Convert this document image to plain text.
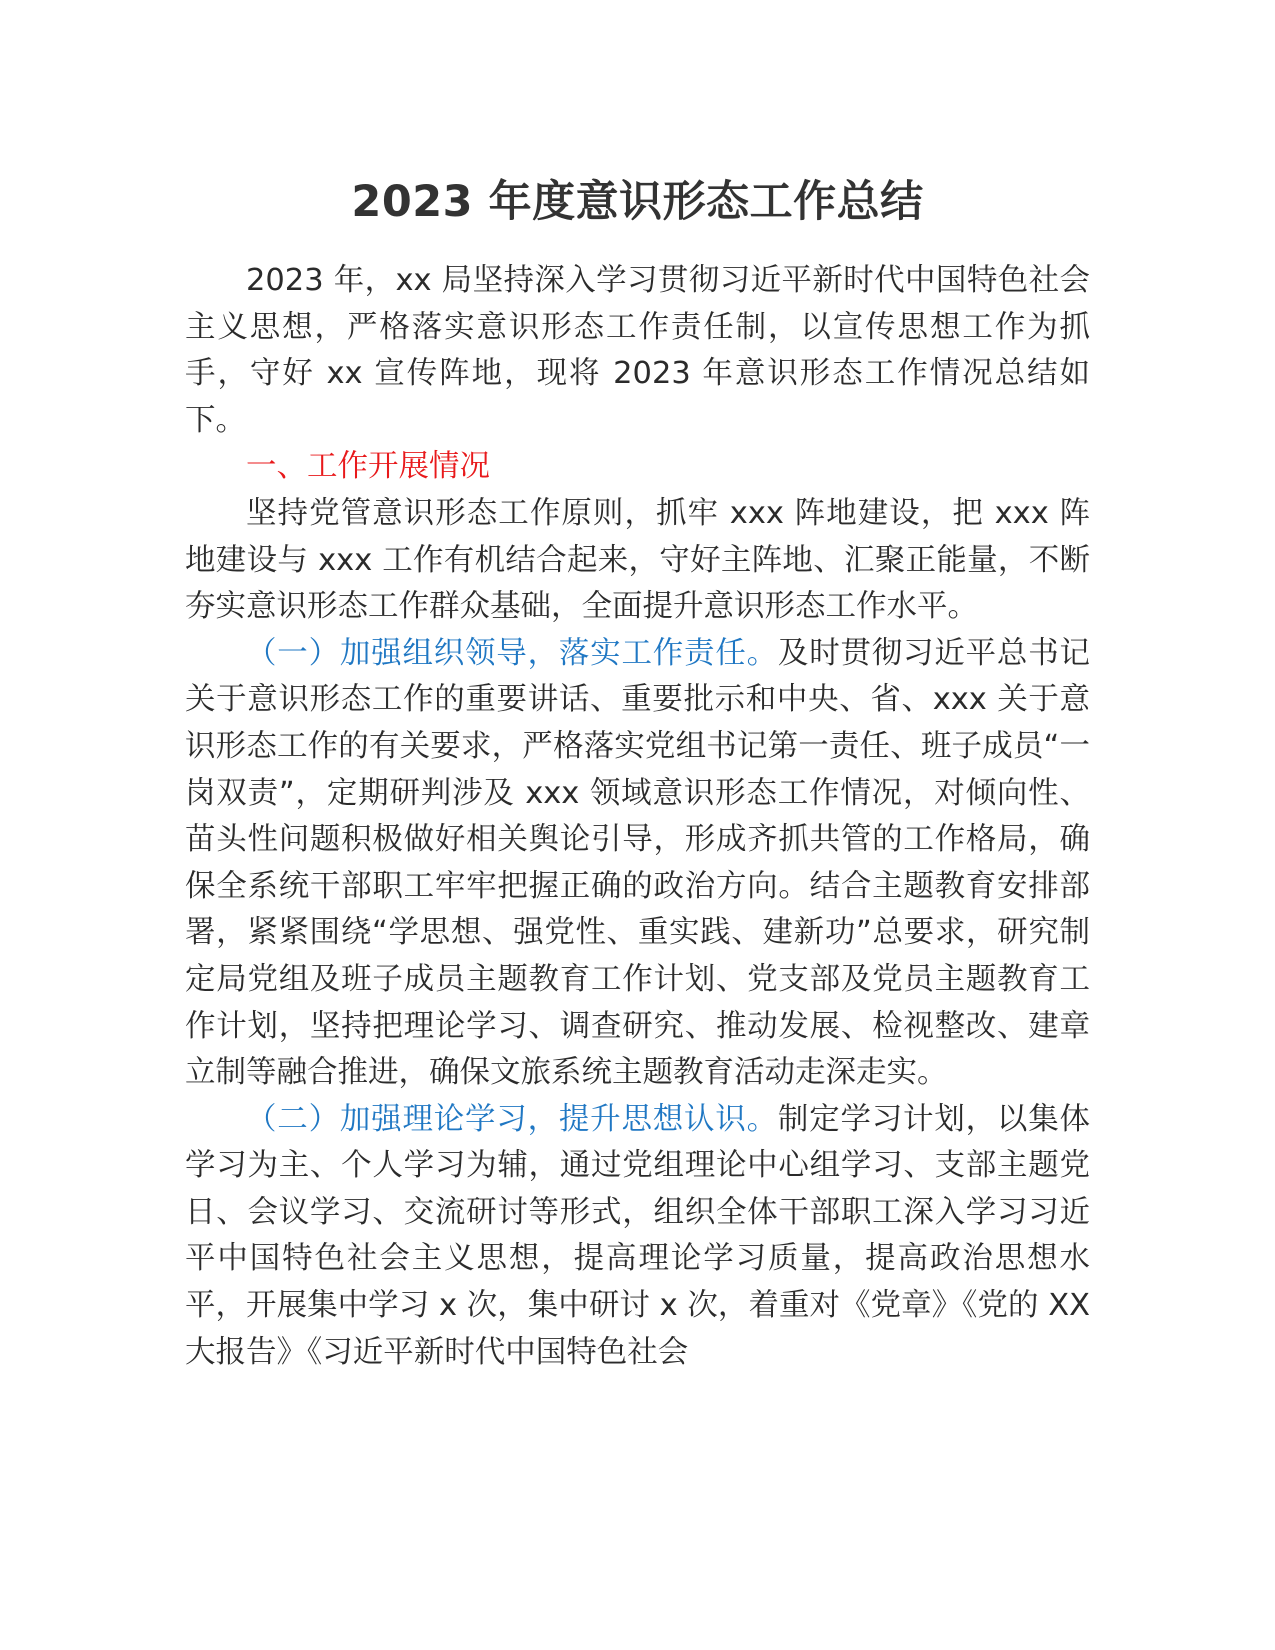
2023 年度意识形态工作总结

2023 年，xx 局坚持深入学习贯彻习近平新时代中国特色社会主义思想，严格落实意识形态工作责任制，以宣传思想工作为抓手，守好 xx 宣传阵地，现将 2023 年意识形态工作情况总结如下。

一、工作开展情况

坚持党管意识形态工作原则，抓牢 xxx 阵地建设，把 xxx 阵地建设与 xxx 工作有机结合起来，守好主阵地、汇聚正能量，不断夯实意识形态工作群众基础，全面提升意识形态工作水平。

（一）加强组织领导，落实工作责任。及时贯彻习近平总书记关于意识形态工作的重要讲话、重要批示和中央、省、xxx 关于意识形态工作的有关要求，严格落实党组书记第一责任、班子成员“一岗双责”，定期研判涉及 xxx 领域意识形态工作情况，对倾向性、苗头性问题积极做好相关舆论引导，形成齐抓共管的工作格局，确保全系统干部职工牢牢把握正确的政治方向。结合主题教育安排部署，紧紧围绕“学思想、强党性、重实践、建新功”总要求，研究制定局党组及班子成员主题教育工作计划、党支部及党员主题教育工作计划，坚持把理论学习、调查研究、推动发展、检视整改、建章立制等融合推进，确保文旅系统主题教育活动走深走实。

（二）加强理论学习，提升思想认识。制定学习计划，以集体学习为主、个人学习为辅，通过党组理论中心组学习、支部主题党日、会议学习、交流研讨等形式，组织全体干部职工深入学习习近平中国特色社会主义思想，提高理论学习质量，提高政治思想水平，开展集中学习 x 次，集中研讨 x 次，着重对《党章》《党的 XX 大报告》《习近平新时代中国特色社会
